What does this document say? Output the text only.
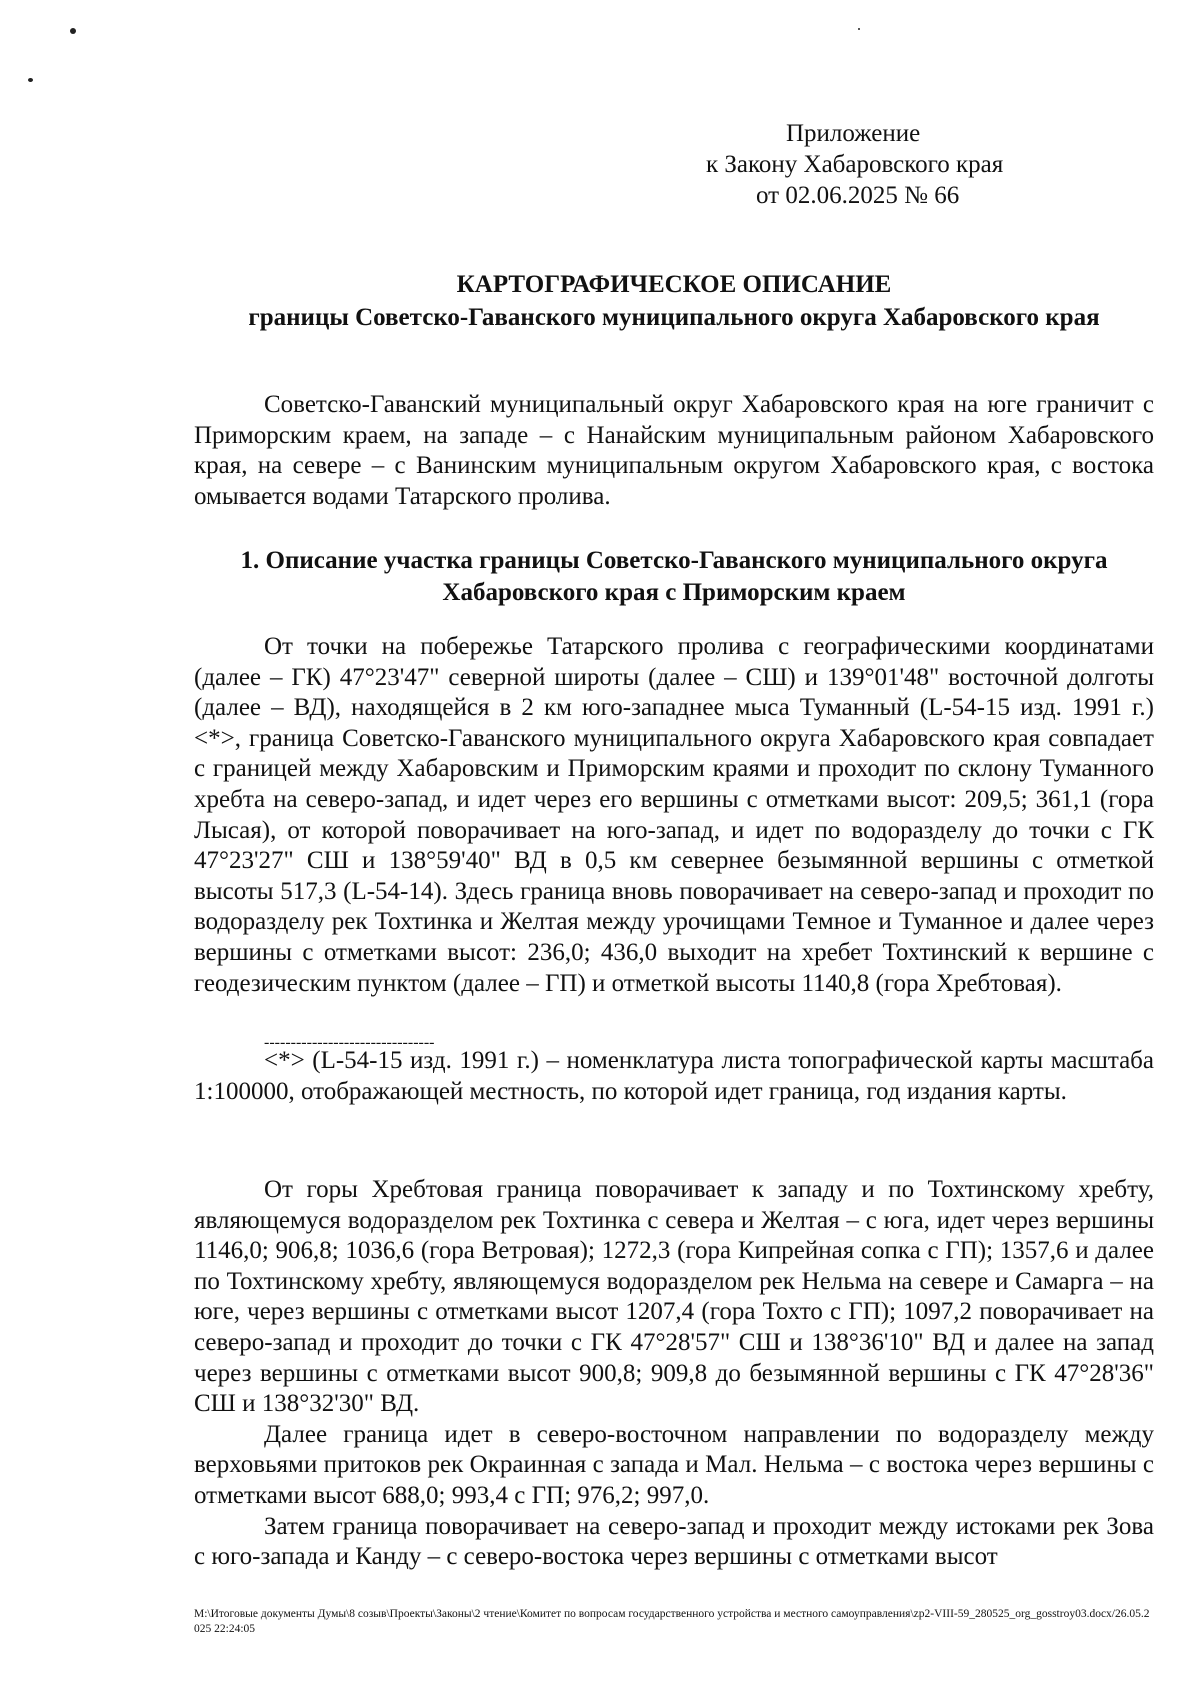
Приложение
к Закону Хабаровского края
от 02.06.2025 № 66
КАРТОГРАФИЧЕСКОЕ ОПИСАНИЕ
границы Советско-Гаванского муниципального округа Хабаровского края

Советско-Гаванский муниципальный округ Хабаровского края на юге граничит с Приморским краем, на западе – с Нанайским муниципальным районом Хабаровского края, на севере – с Ванинским муниципальным округом Хабаровского края, с востока омывается водами Татарского пролива.

1. Описание участка границы Советско-Гаванского муниципального округа
Хабаровского края с Приморским краем

От точки на побережье Татарского пролива с географическими координатами (далее – ГК) 47°23'47" северной широты (далее – СШ) и 139°01'48" восточной долготы (далее – ВД), находящейся в 2 км юго-западнее мыса Туманный (L-54-15 изд. 1991 г.) <*>, граница Советско-Гаванского муниципального округа Хабаровского края совпадает с границей между Хабаровским и Приморским краями и проходит по склону Туманного хребта на северо-запад, и идет через его вершины с отметками высот: 209,5; 361,1 (гора Лысая), от которой поворачивает на юго-запад, и идет по водоразделу до точки с ГК 47°23'27" СШ и 138°59'40" ВД в 0,5 км севернее безымянной вершины с отметкой высоты 517,3 (L-54-14). Здесь граница вновь поворачивает на северо-запад и проходит по водоразделу рек Тохтинка и Желтая между урочищами Темное и Туманное и далее через вершины с отметками высот: 236,0; 436,0 выходит на хребет Тохтинский к вершине с геодезическим пунктом (далее – ГП) и отметкой высоты 1140,8 (гора Хребтовая).

--------------------------------

<*> (L-54-15 изд. 1991 г.) – номенклатура листа топографической карты масштаба 1:100000, отображающей местность, по которой идет граница, год издания карты.

От горы Хребтовая граница поворачивает к западу и по Тохтинскому хребту, являющемуся водоразделом рек Тохтинка с севера и Желтая – с юга, идет через вершины 1146,0; 906,8; 1036,6 (гора Ветровая); 1272,3 (гора Кипрейная сопка с ГП); 1357,6 и далее по Тохтинскому хребту, являющемуся водоразделом рек Нельма на севере и Самарга – на юге, через вершины с отметками высот 1207,4 (гора Тохто с ГП); 1097,2 поворачивает на северо-запад и проходит до точки с ГК 47°28'57" СШ и 138°36'10" ВД и далее на запад через вершины с отметками высот 900,8; 909,8 до безымянной вершины с ГК 47°28'36" СШ и 138°32'30" ВД.

Далее граница идет в северо-восточном направлении по водоразделу между верховьями притоков рек Окраинная с запада и Мал. Нельма – с востока через вершины с отметками высот 688,0; 993,4 с ГП; 976,2; 997,0.

Затем граница поворачивает на северо-запад и проходит между истоками рек Зова с юго-запада и Канду – с северо-востока через вершины с отметками высот

M:\Итоговые документы Думы\8 созыв\Проекты\Законы\2 чтение\Комитет по вопросам государственного устройства и местного самоуправления\zp2-VIII-59_280525_org_gosstroy03.docx/26.05.2025 22:24:05
